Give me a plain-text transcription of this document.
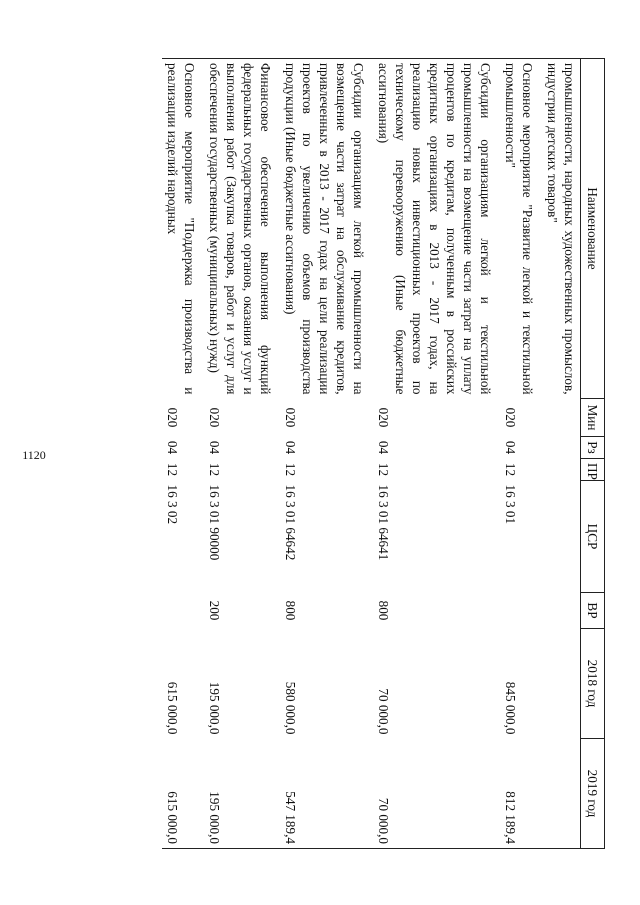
1120
Наименование	Мин	Рз	ПР	ЦСР	ВР	2018 год	2019 год
промышленности, народных художественных промыслов, индустрии детских товаров"							
Основное мероприятие "Развитие легкой и текстильной промышленности"	020	04	12	16 3 01		845 000,0	812 189,4
Субсидии организациям легкой и текстильной промышленности на возмещение части затрат на уплату процентов по кредитам, полученным в российских кредитных организациях в 2013 - 2017 годах, на реализацию новых инвестиционных проектов по техническому перевооружению (Иные бюджетные ассигнования)	020	04	12	16 3 01 64641	800	70 000,0	70 000,0
Субсидии организациям легкой промышленности на возмещение части затрат на обслуживание кредитов, привлеченных в 2013 - 2017 годах на цели реализации проектов по увеличению объемов производства продукции (Иные бюджетные ассигнования)	020	04	12	16 3 01 64642	800	580 000,0	547 189,4
Финансовое обеспечение выполнения функций федеральных государственных органов, оказания услуг и выполнения работ (Закупка товаров, работ и услуг для обеспечения государственных (муниципальных) нужд)	020	04	12	16 3 01 90000	200	195 000,0	195 000,0
Основное мероприятие "Поддержка производства и реализации изделий народных	020	04	12	16 3 02		615 000,0	615 000,0
